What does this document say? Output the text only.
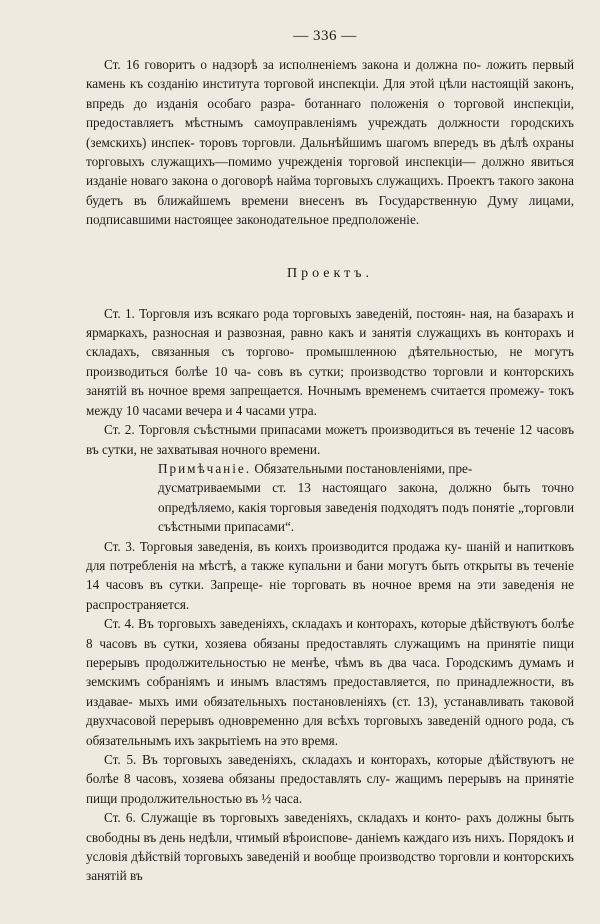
— 336 —

Ст. 16 говоритъ о надзорѣ за исполненіемъ закона и должна по- ложить первый камень къ созданію института торговой инспекціи. Для этой цѣли настоящій законъ, впредь до изданія особаго разра- ботаннаго положенія о торговой инспекціи, предоставляетъ мѣстнымъ самоуправленіямъ учреждать должности городскихъ (земскихъ) инспек- торовъ торговли. Дальнѣйшимъ шагомъ впередъ въ дѣлѣ охраны торговыхъ служащихъ—помимо учрежденія торговой инспекціи— должно явиться изданіе новаго закона о договорѣ найма торговыхъ служащихъ. Проектъ такого закона будетъ въ ближайшемъ времени внесенъ въ Государственную Думу лицами, подписавшими настоящее законодательное предположеніе.

Проектъ.

Ст. 1. Торговля изъ всякаго рода торговыхъ заведеній, постоян- ная, на базарахъ и ярмаркахъ, разносная и развозная, равно какъ и занятія служащихъ въ конторахъ и складахъ, связанныя съ торгово- промышленною дѣятельностью, не могутъ производиться болѣе 10 ча- совъ въ сутки; производство торговли и конторскихъ занятій въ ночное время запрещается. Ночнымъ временемъ считается промежу- токъ между 10 часами вечера и 4 часами утра.

Ст. 2. Торговля съѣстными припасами можетъ производиться въ теченіе 12 часовъ въ сутки, не захватывая ночного времени.

Примѣчаніе. Обязательными постановленіями, пре-
дусматриваемыми ст. 13 настоящаго закона, должно быть точно опредѣляемо, какія торговыя заведенія подходятъ подъ понятіе „торговли съѣстными припасами“.

Ст. 3. Торговыя заведенія, въ коихъ производится продажа ку- шаній и напитковъ для потребленія на мѣстѣ, а также купальни и бани могутъ быть открыты въ теченіе 14 часовъ въ сутки. Запреще- ніе торговать въ ночное время на эти заведенія не распространяется.

Ст. 4. Въ торговыхъ заведеніяхъ, складахъ и конторахъ, которые дѣйствуютъ болѣе 8 часовъ въ сутки, хозяева обязаны предоставлять служащимъ на принятіе пищи перерывъ продолжительностью не менѣе, чѣмъ въ два часа. Городскимъ думамъ и земскимъ собраніямъ и инымъ властямъ предоставляется, по принадлежности, въ издавае- мыхъ ими обязательныхъ постановленіяхъ (ст. 13), устанавливать таковой двухчасовой перерывъ одновременно для всѣхъ торговыхъ заведеній одного рода, съ обязательнымъ ихъ закрытіемъ на это время.

Ст. 5. Въ торговыхъ заведеніяхъ, складахъ и конторахъ, которые дѣйствуютъ не болѣе 8 часовъ, хозяева обязаны предоставлять слу- жащимъ перерывъ на принятіе пищи продолжительностью въ ½ часа.

Ст. 6. Служащіе въ торговыхъ заведеніяхъ, складахъ и конто- рахъ должны быть свободны въ день недѣли, чтимый вѣроиспове- даніемъ каждаго изъ нихъ. Порядокъ и условія дѣйствій торговыхъ заведеній и вообще производство торговли и конторскихъ занятій въ
